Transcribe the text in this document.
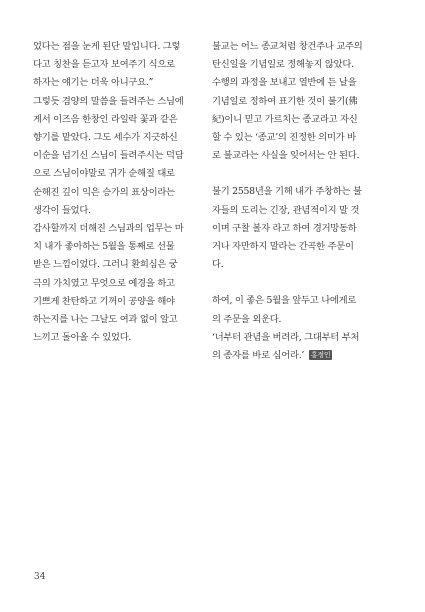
었다는 점을 눈게 된단 말입니다. 그렇
다고 칭찬을 듣고자 보여주기 식으로
하자는 얘기는 더욱 아니구요.”
그렇듯 겸양의 말씀을 들려주는 스님에
게서 이즈음 한창인 라일락 꽃과 같은
향기를 맡았다. 그도 세수가 지긋하신
이순을 넘기신 스님이 들려주시는 덕담
으로 스님이야말로 귀가 순해질 대로
순해진 깊이 익은 승가의 표상이라는
생각이 들었다.
감사할까지 더해진 스님과의 업무는 마
치 내가 좋아하는 5월을 통째로 선물
받은 느낌이었다. 그러니 환희심은 궁
극의 가치였고 무엇으로 예경을 하고
기쁘게 찬탄하고 기꺼이 공양을 해야
하는지를 나는 그날도 여과 없이 알고
느끼고 돌아올 수 있었다.
불교는 어느 종교처럼 창건주나 교주의
탄신일을 기념일로 정해놓지 않았다.
수행의 과정을 보내고 열반에 든 날을
기념일로 정하여 표기한 것이 불기(佛
紀)이니 믿고 가르치는 종교라고 자신
할 수 있는 ‘종교’의 진정한 의미가 바
로 불교라는 사실을 잊어서는 안 된다.
불기 2558년을 기해 내가 주창하는 불
자들의 도리는 긴장, 관념적이지 말 것
이며 구찰 볼자 라고 하여 경거망동하
거나 자만하지 말라는 간곡한 주문이
다.
하여, 이 좋은 5월을 앞두고 나에게로
의 주문을 외운다.
‘너부터 관념을 버려라, 그대부터 부처
의 종자를 바로 심어라.’ 홍정인
34
